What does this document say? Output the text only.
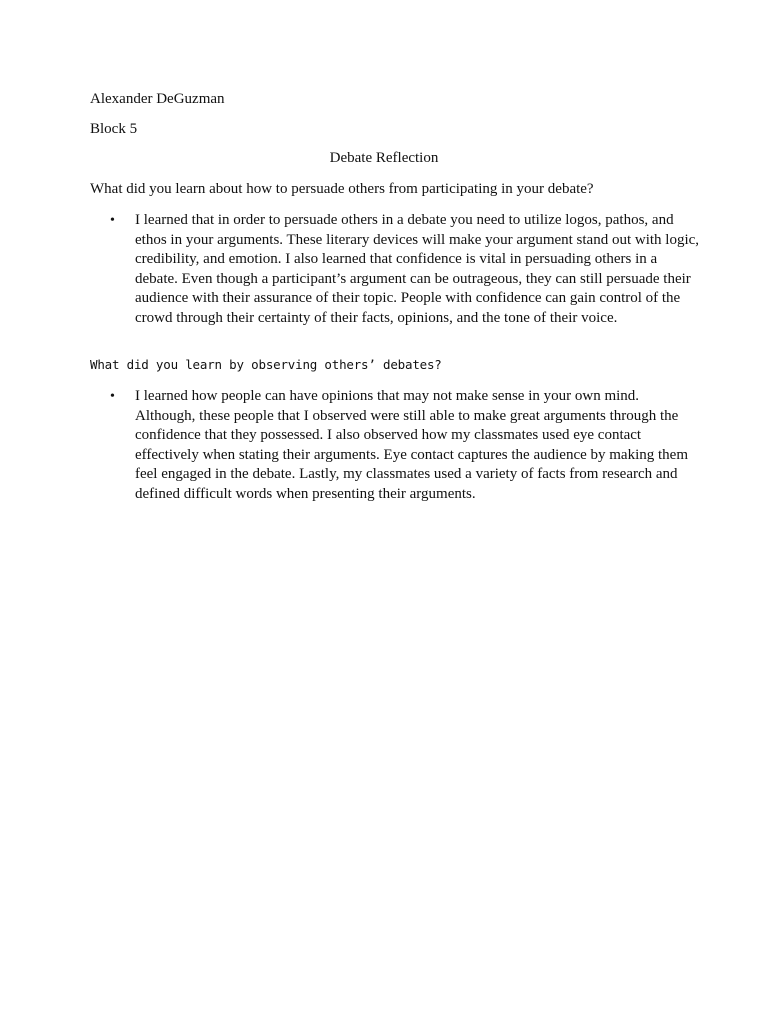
Alexander DeGuzman
Block 5
Debate Reflection
What did you learn about how to persuade others from participating in your debate?
•	I learned that in order to persuade others in a debate you need to utilize logos, pathos, and ethos in your arguments. These literary devices will make your argument stand out with logic, credibility, and emotion. I also learned that confidence is vital in persuading others in a debate. Even though a participant’s argument can be outrageous, they can still persuade their audience with their assurance of their topic. People with confidence can gain control of the crowd through their certainty of their facts, opinions, and the tone of their voice.
What did you learn by observing others’ debates?
•	I learned how people can have opinions that may not make sense in your own mind. Although, these people that I observed were still able to make great arguments through the confidence that they possessed. I also observed how my classmates used eye contact effectively when stating their arguments. Eye contact captures the audience by making them feel engaged in the debate. Lastly, my classmates used a variety of facts from research and defined difficult words when presenting their arguments.
